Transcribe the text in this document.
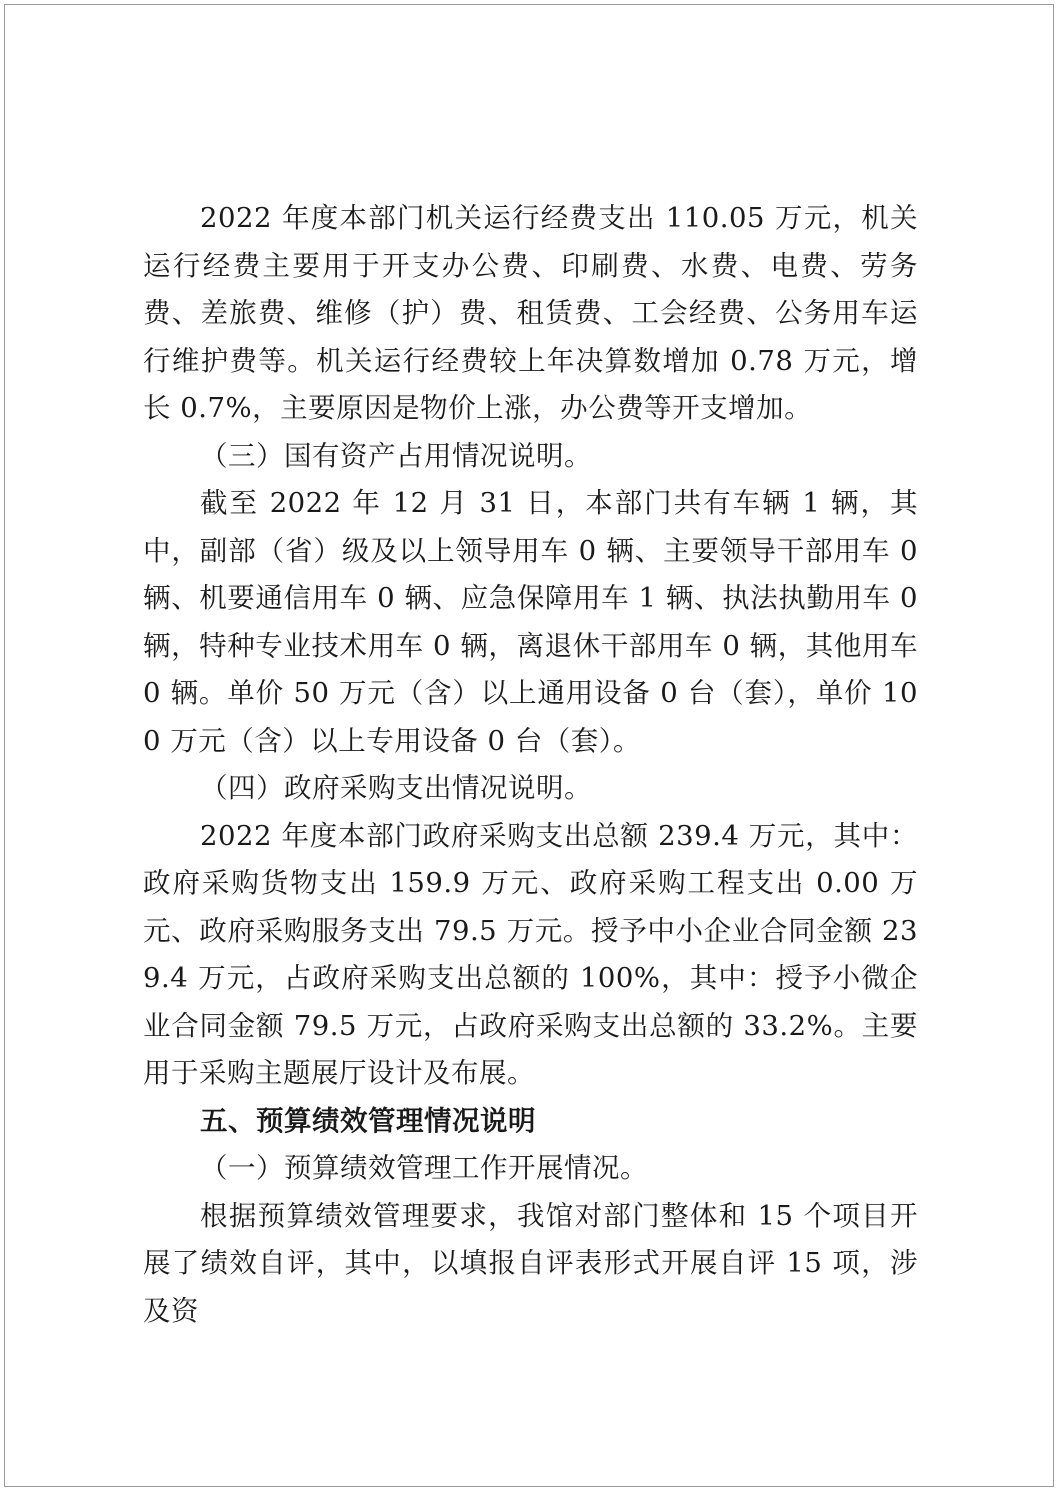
2022 年度本部门机关运行经费支出 110.05 万元，机关运行经费主要用于开支办公费、印刷费、水费、电费、劳务费、差旅费、维修（护）费、租赁费、工会经费、公务用车运行维护费等。机关运行经费较上年决算数增加 0.78 万元，增长 0.7%，主要原因是物价上涨，办公费等开支增加。

（三）国有资产占用情况说明。

截至 2022 年 12 月 31 日，本部门共有车辆 1 辆，其中，副部（省）级及以上领导用车 0 辆、主要领导干部用车 0 辆、机要通信用车 0 辆、应急保障用车 1 辆、执法执勤用车 0 辆，特种专业技术用车 0 辆，离退休干部用车 0 辆，其他用车 0 辆。单价 50 万元（含）以上通用设备 0 台（套），单价 100 万元（含）以上专用设备 0 台（套）。

（四）政府采购支出情况说明。

2022 年度本部门政府采购支出总额 239.4 万元，其中：政府采购货物支出 159.9 万元、政府采购工程支出 0.00 万元、政府采购服务支出 79.5 万元。授予中小企业合同金额 239.4 万元，占政府采购支出总额的 100%，其中：授予小微企业合同金额 79.5 万元，占政府采购支出总额的 33.2%。主要用于采购主题展厅设计及布展。

五、预算绩效管理情况说明

（一）预算绩效管理工作开展情况。

根据预算绩效管理要求，我馆对部门整体和 15 个项目开展了绩效自评，其中，以填报自评表形式开展自评 15 项，涉及资
